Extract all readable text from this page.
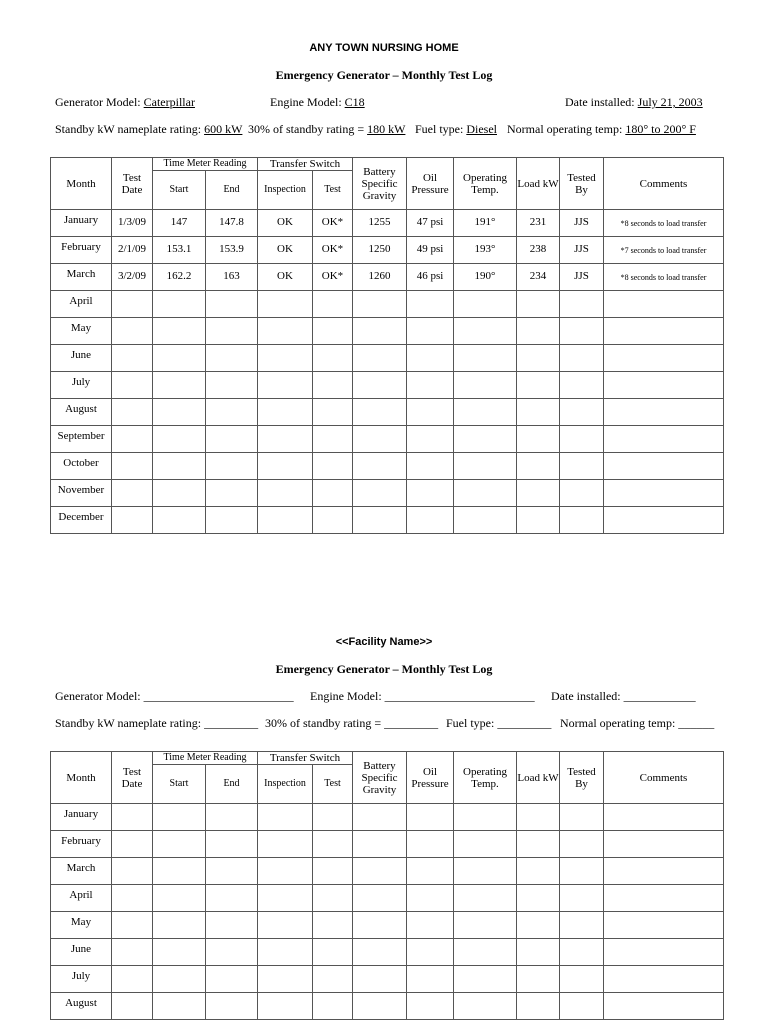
ANY TOWN NURSING HOME
Emergency Generator – Monthly Test Log
Generator Model: Caterpillar	Engine Model: C18	Date installed: July 21, 2003
Standby kW nameplate rating: 600 kW 30% of standby rating = 180 kW Fuel type: Diesel Normal operating temp: 180° to 200° F
Month	Test Date	Time Meter Reading		Transfer Switch		Battery Specific Gravity	Oil Pressure	Operating Temp.	Load kW	Tested By	Comments
		Start	End	Inspection	Test						
January	1/3/09	147	147.8	OK	OK*	1255	47 psi	191°	231	JJS	*8 seconds to load transfer
February	2/1/09	153.1	153.9	OK	OK*	1250	49 psi	193°	238	JJS	*7 seconds to load transfer
March	3/2/09	162.2	163	OK	OK*	1260	46 psi	190°	234	JJS	*8 seconds to load transfer
April											
May											
June											
July											
August											
September											
October											
November											
December											
<<Facility Name>>
Emergency Generator – Monthly Test Log
Generator Model: _________________________ Engine Model: _________________________ Date installed: ____________
Standby kW nameplate rating: _________ 30% of standby rating = _________ Fuel type: _________ Normal operating temp: ______
Month	Test Date	Time Meter Reading		Transfer Switch		Battery Specific Gravity	Oil Pressure	Operating Temp.	Load kW	Tested By	Comments
		Start	End	Inspection	Test						
January											
February											
March											
April											
May											
June											
July											
August											
